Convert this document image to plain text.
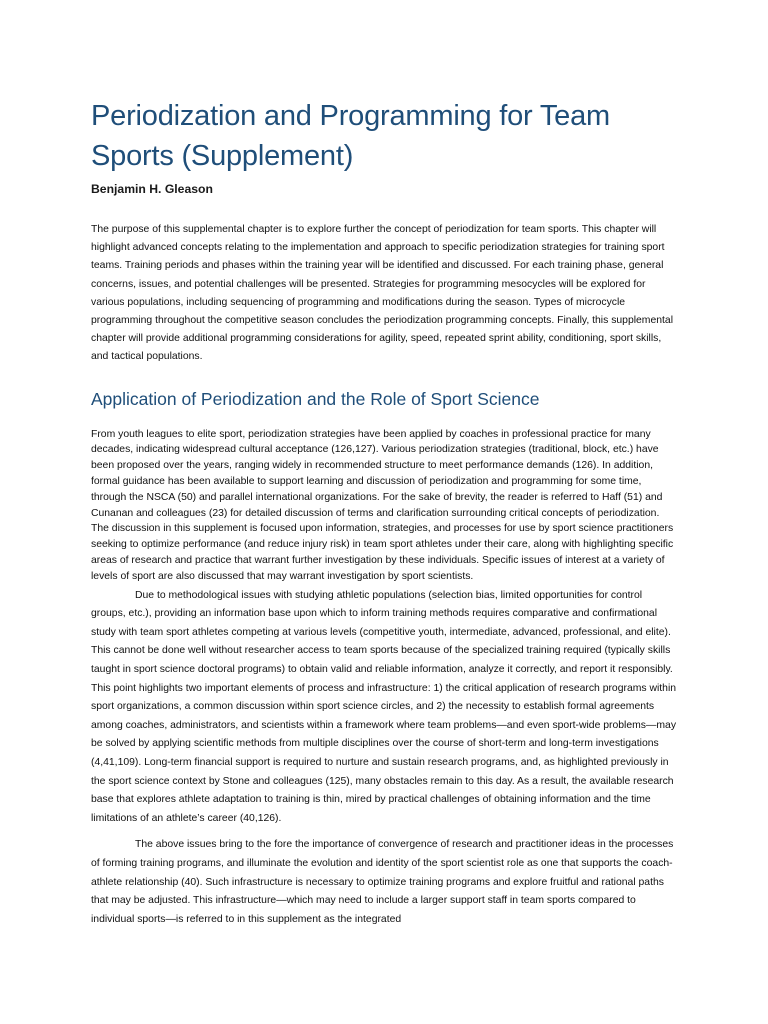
Periodization and Programming for Team Sports (Supplement)

Benjamin H. Gleason

The purpose of this supplemental chapter is to explore further the concept of periodization for team sports. This chapter will highlight advanced concepts relating to the implementation and approach to specific periodization strategies for training sport teams. Training periods and phases within the training year will be identified and discussed. For each training phase, general concerns, issues, and potential challenges will be presented. Strategies for programming mesocycles will be explored for various populations, including sequencing of programming and modifications during the season. Types of microcycle programming throughout the competitive season concludes the periodization programming concepts. Finally, this supplemental chapter will provide additional programming considerations for agility, speed, repeated sprint ability, conditioning, sport skills, and tactical populations.

Application of Periodization and the Role of Sport Science

From youth leagues to elite sport, periodization strategies have been applied by coaches in professional practice for many decades, indicating widespread cultural acceptance (126,127). Various periodization strategies (traditional, block, etc.) have been proposed over the years, ranging widely in recommended structure to meet performance demands (126). In addition, formal guidance has been available to support learning and discussion of periodization and programming for some time, through the NSCA (50) and parallel international organizations. For the sake of brevity, the reader is referred to Haff (51) and Cunanan and colleagues (23) for detailed discussion of terms and clarification surrounding critical concepts of periodization. The discussion in this supplement is focused upon information, strategies, and processes for use by sport science practitioners seeking to optimize performance (and reduce injury risk) in team sport athletes under their care, along with highlighting specific areas of research and practice that warrant further investigation by these individuals. Specific issues of interest at a variety of levels of sport are also discussed that may warrant investigation by sport scientists.

Due to methodological issues with studying athletic populations (selection bias, limited opportunities for control groups, etc.), providing an information base upon which to inform training methods requires comparative and confirmational study with team sport athletes competing at various levels (competitive youth, intermediate, advanced, professional, and elite). This cannot be done well without researcher access to team sports because of the specialized training required (typically skills taught in sport science doctoral programs) to obtain valid and reliable information, analyze it correctly, and report it responsibly. This point highlights two important elements of process and infrastructure: 1) the critical application of research programs within sport organizations, a common discussion within sport science circles, and 2) the necessity to establish formal agreements among coaches, administrators, and scientists within a framework where team problems—and even sport-wide problems—may be solved by applying scientific methods from multiple disciplines over the course of short-term and long-term investigations (4,41,109). Long-term financial support is required to nurture and sustain research programs, and, as highlighted previously in the sport science context by Stone and colleagues (125), many obstacles remain to this day. As a result, the available research base that explores athlete adaptation to training is thin, mired by practical challenges of obtaining information and the time limitations of an athlete’s career (40,126).

The above issues bring to the fore the importance of convergence of research and practitioner ideas in the processes of forming training programs, and illuminate the evolution and identity of the sport scientist role as one that supports the coach-athlete relationship (40). Such infrastructure is necessary to optimize training programs and explore fruitful and rational paths that may be adjusted. This infrastructure—which may need to include a larger support staff in team sports compared to individual sports—is referred to in this supplement as the integrated
